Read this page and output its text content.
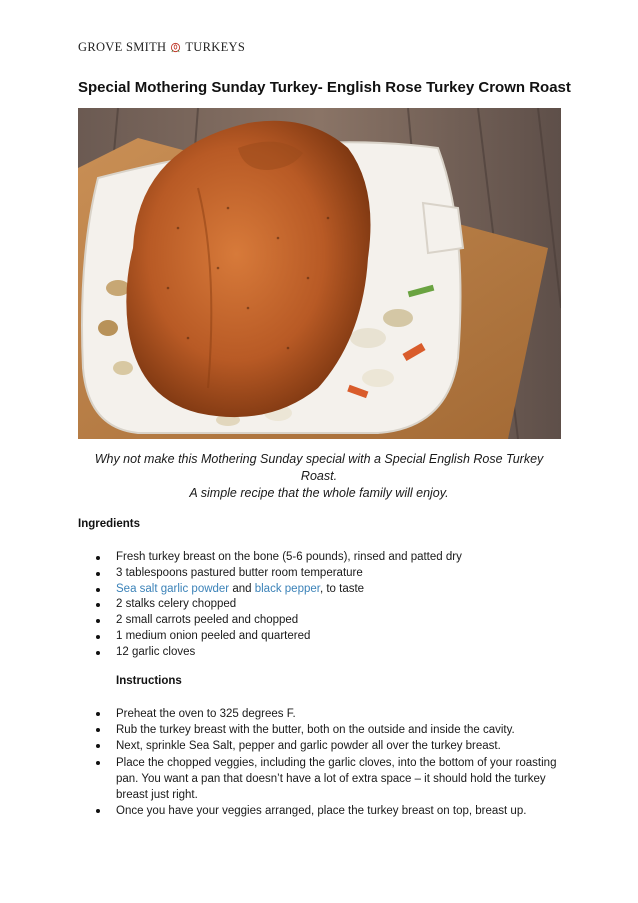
GROVE SMITH TURKEYS
Special Mothering Sunday Turkey- English Rose Turkey Crown Roast

Why not make this Mothering Sunday special with a Special English Rose Turkey Roast.

A simple recipe that the whole family will enjoy.

Ingredients
Fresh turkey breast on the bone (5-6 pounds), rinsed and patted dry
3 tablespoons pastured butter room temperature
Sea salt garlic powder and black pepper, to taste
2 stalks celery chopped
2 small carrots peeled and chopped
1 medium onion peeled and quartered
12 garlic cloves
Instructions
Preheat the oven to 325 degrees F.
Rub the turkey breast with the butter, both on the outside and inside the cavity.
Next, sprinkle Sea Salt, pepper and garlic powder all over the turkey breast.
Place the chopped veggies, including the garlic cloves, into the bottom of your roasting pan. You want a pan that doesn’t have a lot of extra space – it should hold the turkey breast just right.
Once you have your veggies arranged, place the turkey breast on top, breast up.
